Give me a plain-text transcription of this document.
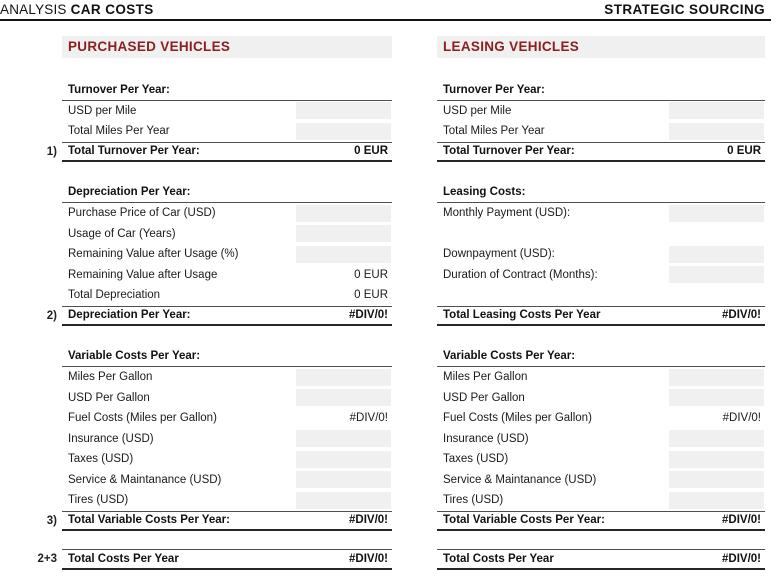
ANALYSIS CAR COSTS	STRATEGIC SOURCING
PURCHASED VEHICLES
Turnover Per Year:
USD per Mile
Total Miles Per Year
1) Total Turnover Per Year:	0 EUR
Depreciation Per Year:
Purchase Price of Car (USD)
Usage of Car (Years)
Remaining Value after Usage (%)
Remaining Value after Usage	0 EUR
Total Depreciation	0 EUR
2) Depreciation Per Year:	#DIV/0!
Variable Costs Per Year:
Miles Per Gallon
USD Per Gallon
Fuel Costs (Miles per Gallon)	#DIV/0!
Insurance (USD)
Taxes (USD)
Service & Maintanance (USD)
Tires (USD)
3) Total Variable Costs Per Year:	#DIV/0!
2+3 Total Costs Per Year	#DIV/0!
LEASING VEHICLES
Turnover Per Year:
USD per Mile
Total Miles Per Year
Total Turnover Per Year:	0 EUR
Leasing Costs:
Monthly Payment (USD):
Downpayment (USD):
Duration of Contract (Months):
Total Leasing Costs Per Year	#DIV/0!
Variable Costs Per Year:
Miles Per Gallon
USD Per Gallon
Fuel Costs (Miles per Gallon)	#DIV/0!
Insurance (USD)
Taxes (USD)
Service & Maintanance (USD)
Tires (USD)
Total Variable Costs Per Year:	#DIV/0!
Total Costs Per Year	#DIV/0!
